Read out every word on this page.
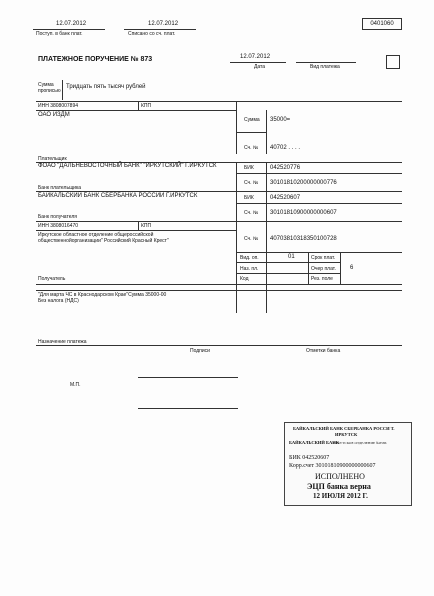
12.07.2012
Поступ. в банк плат.
12.07.2012
Списано со сч. плат.
0401060
ПЛАТЕЖНОЕ ПОРУЧЕНИЕ № 873	12.07.2012
Дата	Вид платежа
Сумма
прописью
Тридцать пять тысяч рублей
ИНН 3808007894	КПП
ОАО ИЗДМ
Сумма 35000=
Сч. № 40702 . . . .
Плательщик
ФОАО "ДАЛЬНЕВОСТОЧНЫЙ БАНК" "ИРКУТСКИЙ" Г.ИРКУТСК	БИК	042520776
Сч. № 30101810200000000776
Банк плательщика
БАЙКАЛЬСКИЙ БАНК СБЕРБАНКА РОССИИ Г.ИРКУТСК	БИК	042520607
Сч. № 30101810900000000607
Банк получателя
ИНН 3808016470	КПП
Иркутское областное отделение общероссийской
общественнойорганизации" Российский Красный Крест"	Сч. № 40703810318350100728
Вид. оп.	01	Срок плат.
Наз. пл.	Очер плат. 6
Код	Рез. поле
Получатель
"Для марта ЧС в Краснодарском Крае"Сумма 35000-00
Без налога (НДС)
Назначение платежа
Подписи	Отметки банка
М.П.
БАЙКАЛЬСКИЙ БАНК СБЕРБАНКА РОССИ Т.
ИРКУТСК
БАЙКАЛЬСКИЙ БАНК
ИРКУТСКОЕ ОТДЕЛЕНИЕ №8586
БИК 042520607
Корр.счет 30101810900000000607
ИСПОЛНЕНО
ЭЦП банка верна
12 ИЮЛЯ 2012 Г.
